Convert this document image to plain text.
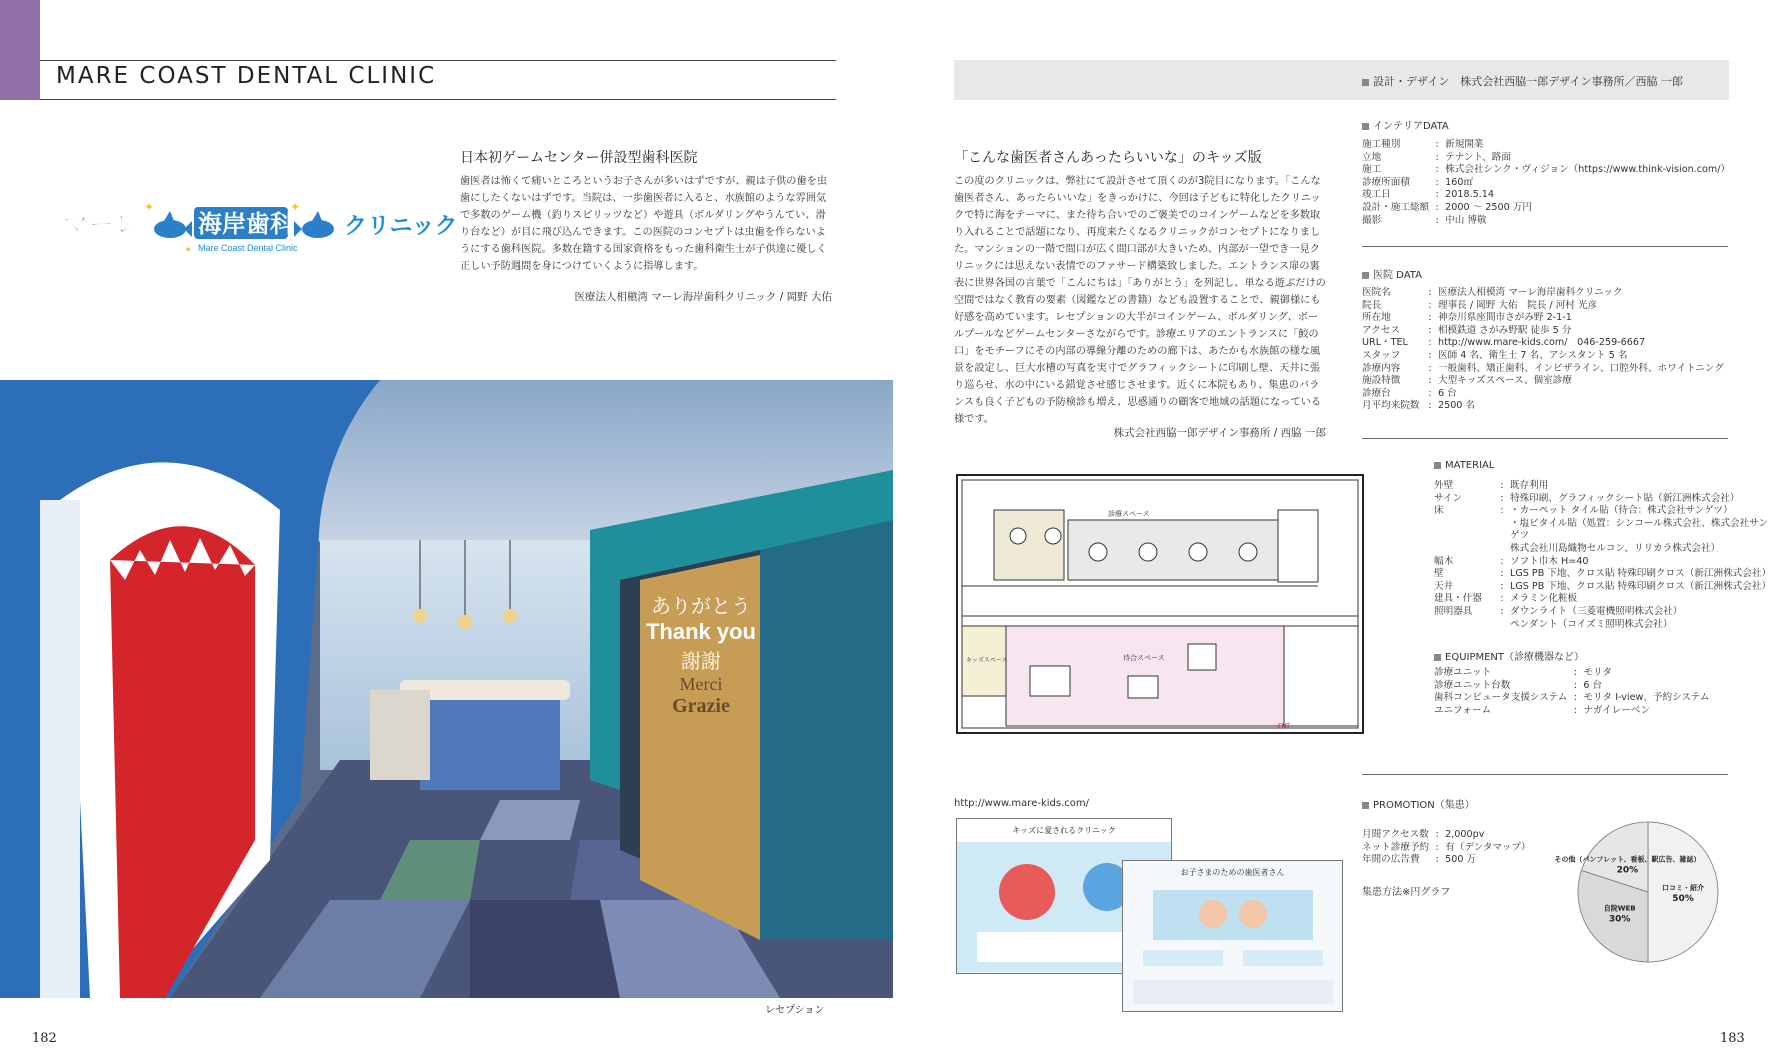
MARE COAST DENTAL CLINIC
マーレ 海岸歯科 クリニック
Mare Coast Dental Clinic
✦	✦
✦
日本初ゲームセンター併設型歯科医院
歯医者は怖くて痛いところというお子さんが多いはずですが、親は子供の歯を虫歯にしたくないはずです。当院は、一歩歯医者に入ると、水族館のような雰囲気で多数のゲーム機（釣りスピリッツなど）や遊具（ボルダリングやうんてい、滑り台など）が目に飛び込んできます。この医院のコンセプトは虫歯を作らないようにする歯科医院。多数在籍する国家資格をもった歯科衛生士が子供達に優しく正しい予防週間を身につけていくように指導します。
医療法人相槇湾 マーレ海岸歯科クリニック / 岡野 大佑
ありがとう
Thank you
謝謝
Merci
Grazie
レセプション
182
設計・デザイン　株式会社西脇一郎デザイン事務所／西脇 一郎
「こんな歯医者さんあったらいいな」のキッズ版
この度のクリニックは、弊社にて設計させて頂くのが3院目になります。「こんな歯医者さん、あったらいいな」をきっかけに、今回は子どもに特化したクリニックで特に海をテーマに、また待ち合いでのご褒美でのコインゲームなどを多数取り入れることで話題になり、再度来たくなるクリニックがコンセプトになりました。マンションの一階で間口が広く間口部が大きいため、内部が一望でき一見クリニックには思えない表情でのファサード構築致しました。エントランス扉の裏表に世界各国の言葉で「こんにちは」「ありがとう」を列記し、単なる遊ぶだけの空間ではなく教育の要素（図鑑などの書籍）なども設置することで、親御様にも好感を高めています。レセプションの大半がコインゲーム、ボルダリング、ボールプールなどゲームセンターさながらです。診療エリアのエントランスに「鮫の口」をモチーフにその内部の導線分離のための廊下は、あたかも水族館の様な風景を設定し、巨大水槽の写真を実寸でグラフィックシートに印刷し壁、天井に張り巡らせ、水の中にいる錯覚させ感じさせます。近くに本院もあり、集患のバランスも良く子どもの予防検診も増え、思惑通りの顧客で地域の話題になっている様です。
株式会社西脇一郎デザイン事務所 / 西脇 一郎
インテリアDATA
施工種別	:	新規開業
立地	:	テナント、路面
施工	:	株式会社シンク・ヴィジョン（https://www.think-vision.com/）
診療所面積	:	160㎡
竣工日	:	2018.5.14
設計・施工総額	:	2000 ～ 2500 万円
撮影	:	中山 博敬
医院 DATA
医院名	:	医療法人相模湾 マーレ海岸歯科クリニック
院長	:	理事長 / 岡野 大佑　院長 / 河村 光彦
所在地	:	神奈川県座間市さがみ野 2-1-1
アクセス	:	相模鉄道 さがみ野駅 徒歩 5 分
URL・TEL	:	http://www.mare-kids.com/　046-259-6667
スタッフ	:	医師 4 名、衛生士 7 名、アシスタント 5 名
診療内容	:	一般歯科、矯正歯科、インビザライン、口腔外科、ホワイトニング
施設特徴	:	大型キッズスペース、個室診療
診療台	:	6 台
月平均来院数	:	2500 名
MATERIAL
外壁	:	既存利用
サイン	:	特殊印刷、グラフィックシート貼（新江洲株式会社）
床	:	・カーペット タイル貼（待合：株式会社サンゲツ）
		・塩ビタイル貼（処置：シンコール株式会社、株式会社サンゲツ
		株式会社川島織物セルコン、リリカラ株式会社）
幅木	:	ソフト巾木 H=40
壁	:	LGS PB 下地、クロス貼 特殊印刷クロス（新江洲株式会社）
天井	:	LGS PB 下地、クロス貼 特殊印刷クロス（新江洲株式会社）
建具・什器	:	メラミン化粧板
照明器具	:	ダウンライト（三菱電機照明株式会社）
		ペンダント（コイズミ照明株式会社）
EQUIPMENT（診療機器など）
診療ユニット	:	モリタ
診療ユニット台数	:	6 台
歯科コンピュータ支援システム	:	モリタ I-view、予約システム
ユニフォーム	:	ナガイレーベン
待合スペース
診療スペース
キッズスペース
ENT
http://www.mare-kids.com/
キッズに愛されるクリニック
お子さまのための歯医者さん
PROMOTION（集患）
月間アクセス数	:	2,000pv
ネット診療予約	:	有（デンタマップ）
年間の広告費	:	500 万
集患方法※円グラフ	口コミ・紹介
50%
自院WEB
30%
その他（パンフレット、看板、駅広告、雑誌）
20%
183
